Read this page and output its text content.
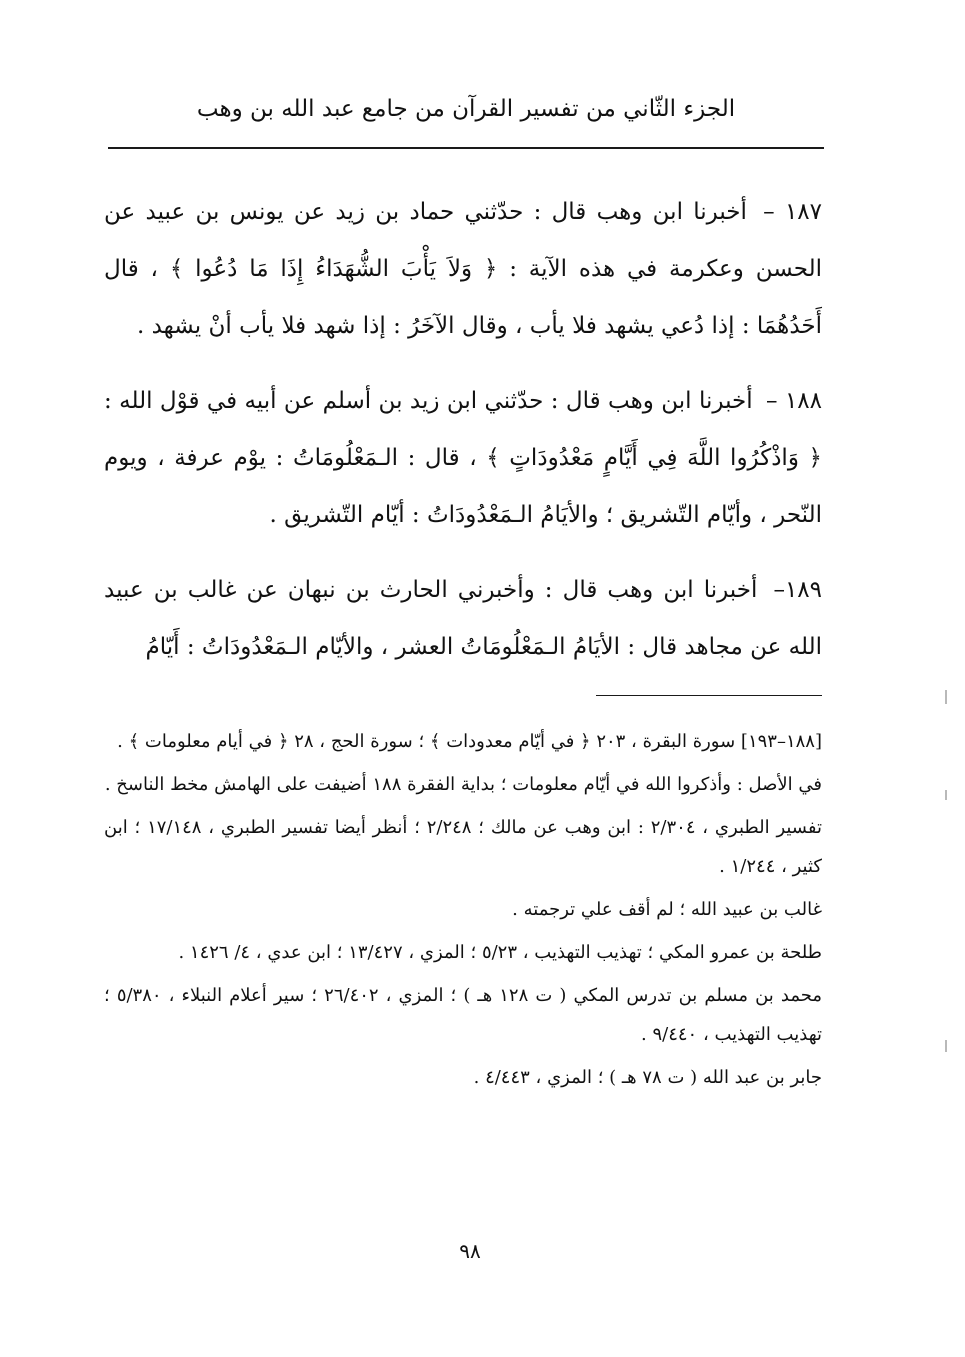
الجزء الثّاني من تفسير القرآن من جامع عبد الله بن وهب

١٨٧ – أخبرنا ابن وهب قال : حدّثني حماد بن زيد عن يونس بن عبيد عن الحسن وعكرمة في هذه الآية : ﴿ وَلاَ يَأْبَ الشُّهَدَاءُ إِذَا مَا دُعُوا ﴾ ، قال أَحَدُهُمَا : إذا دُعي يشهد فلا يأب ، وقال الآخَرُ : إذا شهد فلا يأب أنْ يشهد .

١٨٨ – أخبرنا ابن وهب قال : حدّثني ابن زيد بن أسلم عن أبيه في قوْل الله : ﴿ وَاذْكُرُوا اللَّهَ فِي أَيَّامٍ مَعْدُودَاتٍ ﴾ ، قال : الـمَعْلُومَاتُ : يوْم عرفة ، ويوم النّحر ، وأيّام التّشريق ؛ والأيَامُ الـمَعْدُودَاتُ : أيّام التّشريق .

١٨٩– أخبرنا ابن وهب قال : وأخبرني الحارث بن نبهان عن غالب بن عبيد الله عن مجاهد قال : الأيَامُ الـمَعْلُومَاتُ العشر ، والأيّام الـمَعْدُودَاتُ : أَيّامُ

[١٨٨–١٩٣] سورة البقرة ، ٢٠٣ ﴿ في أيّام معدودات ﴾ ؛ سورة الحج ، ٢٨ ﴿ في أيام معلومات ﴾ .

في الأصل : وأذكروا الله في أيّام معلومات ؛ بداية الفقرة ١٨٨ أضيفت على الهامش مخط الناسخ .

تفسير الطبري ، ٢/٣٠٤ : ابن وهب عن مالك ؛ ٢/٢٤٨ ؛ أنظر أيضا تفسير الطبري ، ١٧/١٤٨ ؛ ابن كثير ، ١/٢٤٤ .

غالب بن عبيد الله ؛ لم أقف علي ترجمته .

طلحة بن عمرو المكي ؛ تهذيب التهذيب ، ٥/٢٣ ؛ المزي ، ١٣/٤٢٧ ؛ ابن عدي ، ٤/ ١٤٢٦ .

محمد بن مسلم بن تدرس المكي ( ت ١٢٨ هـ ) ؛ المزي ، ٢٦/٤٠٢ ؛ سير أعلام النبلاء ، ٥/٣٨٠ ؛ تهذيب التهذيب ، ٩/٤٤٠ .

جابر بن عبد الله ( ت ٧٨ هـ ) ؛ المزي ، ٤/٤٤٣ .

٩٨
